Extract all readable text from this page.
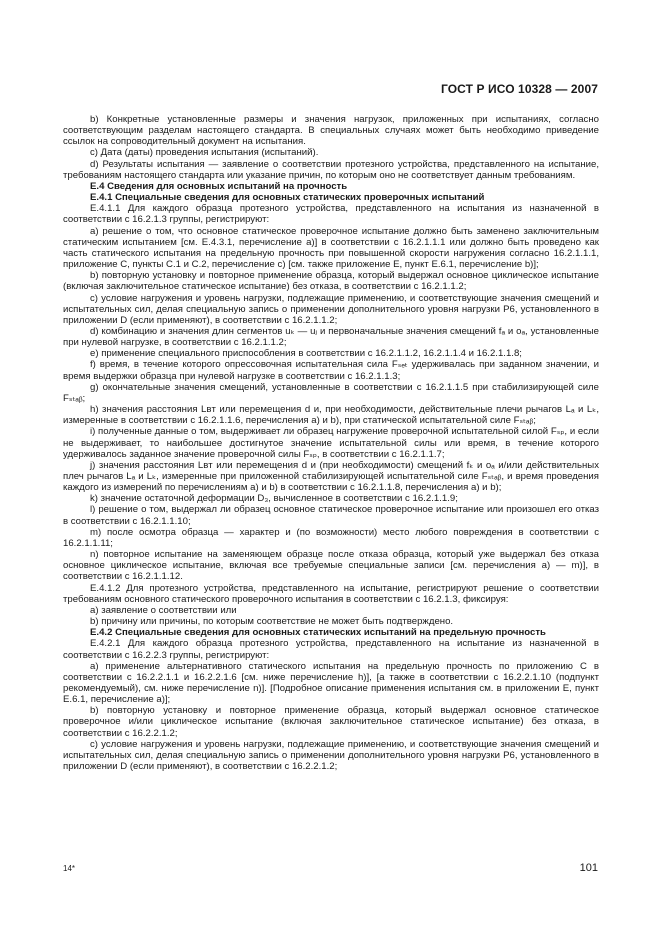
ГОСТ Р ИСО 10328 — 2007

b) Конкретные установленные размеры и значения нагрузок, приложенных при испытаниях, согласно соответствующим разделам настоящего стандарта. В специальных случаях может быть необходимо приведение ссылок на сопроводительный документ на испытания.

c) Дата (даты) проведения испытания (испытаний).

d) Результаты испытания — заявление о соответствии протезного устройства, представленного на испытание, требованиям настоящего стандарта или указание причин, по которым оно не соответствует данным требованиям.

E.4 Сведения для основных испытаний на прочность

E.4.1 Специальные сведения для основных статических проверочных испытаний

E.4.1.1 Для каждого образца протезного устройства, представленного на испытания из назначенной в соответствии с 16.2.1.3 группы, регистрируют:

a) решение о том, что основное статическое проверочное испытание должно быть заменено заключительным статическим испытанием [см. E.4.3.1, перечисление a)] в соответствии с 16.2.1.1.1 или должно быть проведено как часть статического испытания на предельную прочность при повышенной скорости нагружения согласно 16.2.1.1.1, приложение C, пункты C.1 и C.2, перечисление c) [см. также приложение E, пункт E.6.1, перечисление b)];

b) повторную установку и повторное применение образца, который выдержал основное циклическое испытание (включая заключительное статическое испытание) без отказа, в соответствии с 16.2.1.1.2;

c) условие нагружения и уровень нагрузки, подлежащие применению, и соответствующие значения смещений и испытательных сил, делая специальную запись о применении дополнительного уровня нагрузки P6, установленного в приложении D (если применяют), в соответствии с 16.2.1.1.2;

d) комбинацию и значения длин сегментов uₖ — uⱼ и первоначальные значения смещений fₐ и oₐ, установленные при нулевой нагрузке, в соответствии с 16.2.1.1.2;

e) применение специального приспособления в соответствии с 16.2.1.1.2, 16.2.1.1.4 и 16.2.1.1.8;

f) время, в течение которого опрессовочная испытательная сила Fₛₑₜ удерживалась при заданном значении, и время выдержки образца при нулевой нагрузке в соответствии с 16.2.1.1.3;

g) окончательные значения смещений, установленные в соответствии с 16.2.1.1.5 при стабилизирующей силе Fₛₜₐᵦ;

h) значения расстояния Lʙᴛ или перемещения d и, при необходимости, действительные плечи рычагов Lₐ и Lₖ, измеренные в соответствии с 16.2.1.1.6, перечисления a) и b), при статической испытательной силе Fₛₜₐᵦ;

i) полученные данные о том, выдерживает ли образец нагружение проверочной испытательной силой Fₛₚ, и если не выдерживает, то наибольшее достигнутое значение испытательной силы или время, в течение которого удерживалось заданное значение проверочной силы Fₛₚ, в соответствии с 16.2.1.1.7;

j) значения расстояния Lʙᴛ или перемещения d и (при необходимости) смещений fₖ и oₐ и/или действительных плеч рычагов Lₐ и Lₖ, измеренные при приложенной стабилизирующей испытательной силе Fₛₜₐᵦ, и время проведения каждого из измерений по перечислениям a) и b) в соответствии с 16.2.1.1.8, перечисления a) и b);

k) значение остаточной деформации D₃, вычисленное в соответствии с 16.2.1.1.9;

l) решение о том, выдержал ли образец основное статическое проверочное испытание или произошел его отказ в соответствии с 16.2.1.1.10;

m) после осмотра образца — характер и (по возможности) место любого повреждения в соответствии с 16.2.1.1.11;

n) повторное испытание на заменяющем образце после отказа образца, который уже выдержал без отказа основное циклическое испытание, включая все требуемые специальные записи [см. перечисления a) — m)], в соответствии с 16.2.1.1.12.

E.4.1.2 Для протезного устройства, представленного на испытание, регистрируют решение о соответствии требованиям основного статического проверочного испытания в соответствии с 16.2.1.3, фиксируя:

a) заявление о соответствии или

b) причину или причины, по которым соответствие не может быть подтверждено.

E.4.2 Специальные сведения для основных статических испытаний на предельную прочность

E.4.2.1 Для каждого образца протезного устройства, представленного на испытание из назначенной в соответствии с 16.2.2.3 группы, регистрируют:

a) применение альтернативного статического испытания на предельную прочность по приложению C в соответствии с 16.2.2.1.1 и 16.2.2.1.6 [см. ниже перечисление h)], [а также в соответствии с 16.2.2.1.10 (подпункт рекомендуемый), см. ниже перечисление n)]. [Подробное описание применения испытания см. в приложении E, пункт E.6.1, перечисление a)];

b) повторную установку и повторное применение образца, который выдержал основное статическое проверочное и/или циклическое испытание (включая заключительное статическое испытание) без отказа, в соответствии с 16.2.2.1.2;

c) условие нагружения и уровень нагрузки, подлежащие применению, и соответствующие значения смещений и испытательных сил, делая специальную запись о применении дополнительного уровня нагрузки P6, установленного в приложении D (если применяют), в соответствии с 16.2.2.1.2;

14*	101
